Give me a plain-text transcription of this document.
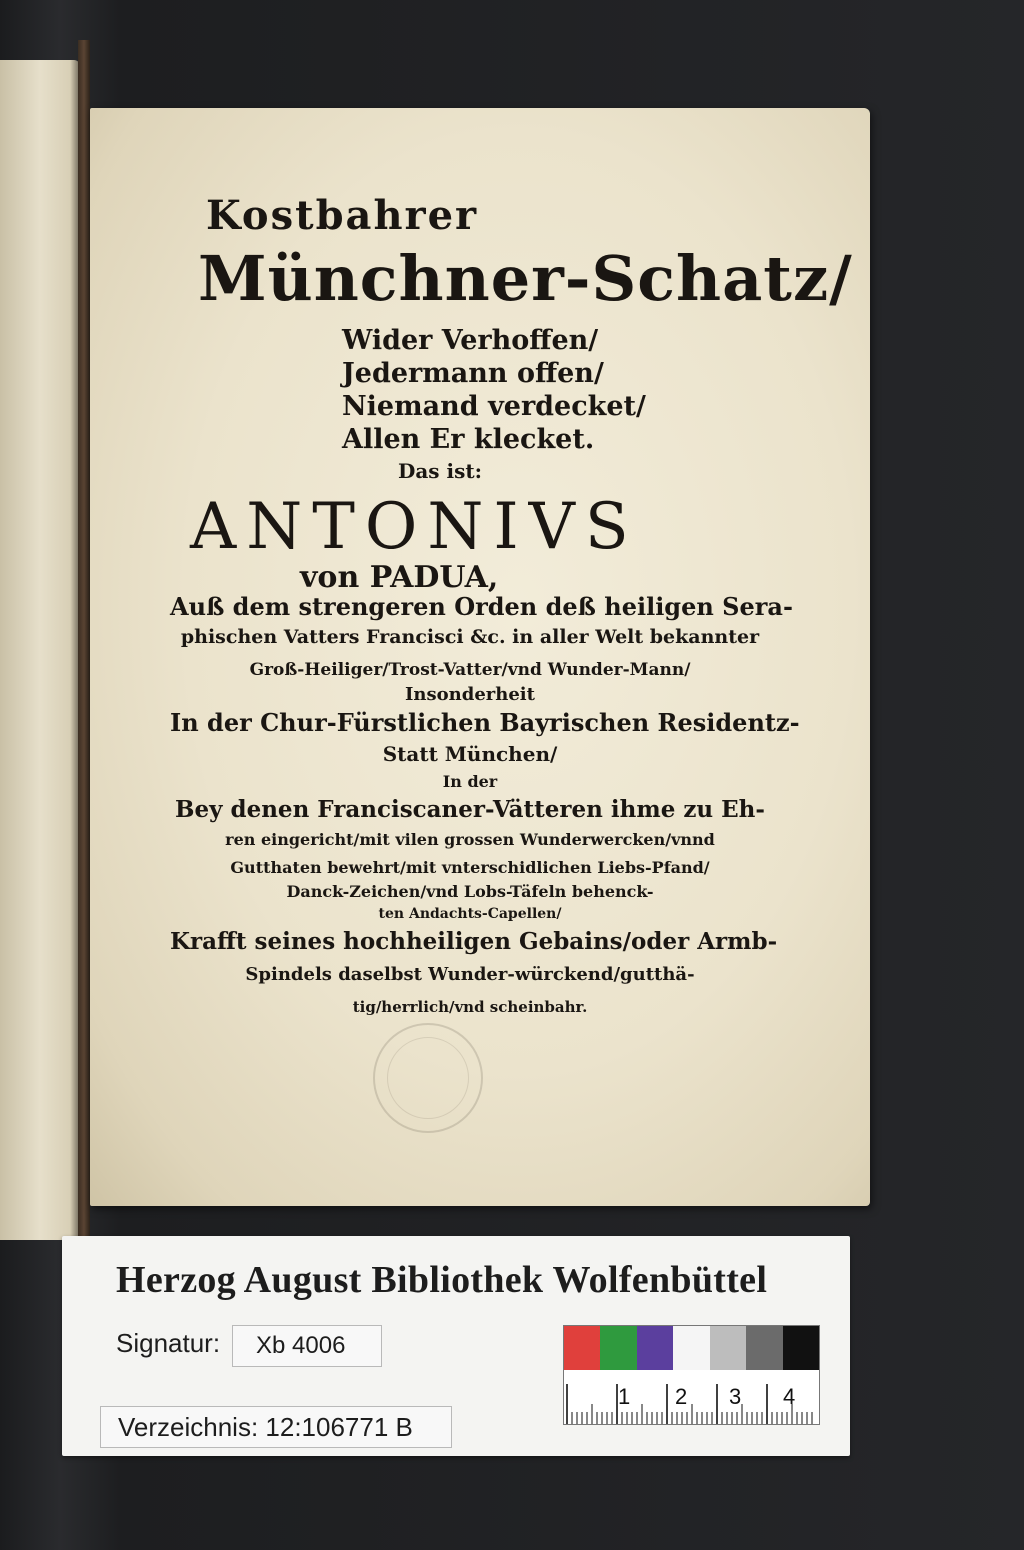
Kostbahrer
Münchner-Schatz/
Wider Verhoffen/
Jedermann offen/
Niemand verdecket/
Allen Er klecket.
Das ist:
ANTONIVS
von PADUA,
Auß dem strengeren Orden deß heiligen Sera-
phischen Vatters Francisci &c. in aller Welt bekannter
Groß-Heiliger/Trost-Vatter/vnd Wunder-Mann/
Insonderheit
In der Chur-Fürstlichen Bayrischen Residentz-
Statt München/
In der
Bey denen Franciscaner-Vätteren ihme zu Eh-
ren eingericht/mit vilen grossen Wunderwercken/vnnd
Gutthaten bewehrt/mit vnterschidlichen Liebs-Pfand/
Danck-Zeichen/vnd Lobs-Täfeln behenck-
ten Andachts-Capellen/
Krafft seines hochheiligen Gebains/oder Armb-
Spindels daselbst Wunder-würckend/gutthä-
tig/herrlich/vnd scheinbahr.
Herzog August Bibliothek Wolfenbüttel
Signatur: Xb 4006
Verzeichnis: 12:106771 B
1 2 3 4
